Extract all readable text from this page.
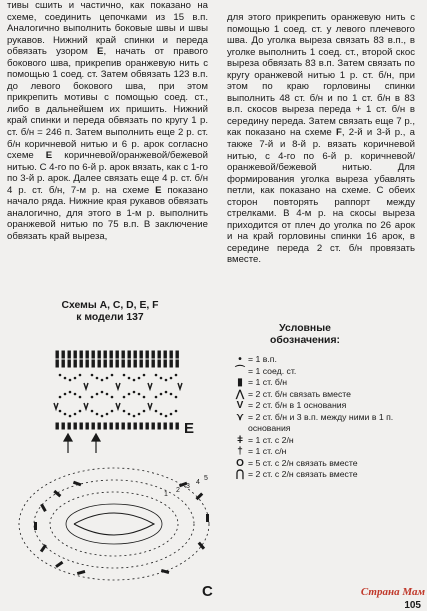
тивы сшить и частично, как показано на схеме, соединить цепочками из 15 в.п. Аналогично выполнить боковые швы и швы рукавов. Нижний край спинки и переда обвязать узором E, начать от правого бокового шва, прикрепив оранжевую нить с помощью 1 соед. ст. Затем обвязать 123 в.п. до левого бокового шва, при этом прикрепить мотивы с помощью соед. ст., либо в дальнейшем их пришить. Нижний край спинки и переда обвязать по кругу 1 р. ст. б/н = 246 п. Затем выполнить еще 2 р. ст. б/н коричневой нитью и 6 р. арок согласно схеме E коричневой/оранжевой/бежевой нитью. С 4-го по 6-й р. арок вязать, как с 1-го по 3-й р. арок. Далее связать еще 4 р. ст. б/н 4 р. ст. б/н, 7-м р. на схеме E показано начало ряда. Нижние края рукавов обвязать аналогично, для этого в 1-м р. выполнить оранжевой нитью по 75 в.п. В заключение обвязать край выреза,

для этого прикрепить оранжевую нить с помощью 1 соед. ст. у левого плечевого шва. До уголка выреза связать 83 в.п., в уголке выполнить 1 соед. ст., второй скос выреза обвязать 83 в.п. Затем связать по кругу оранжевой нитью 1 р. ст. б/н, при этом по краю горловины спинки выполнить 48 ст. б/н и по 1 ст. б/н в 83 в.п. скосов выреза переда + 1 ст. б/н в середину переда. Затем связать еще 7 р., как показано на схеме F, 2-й и 3-й р., а также 7-й и 8-й р. вязать коричневой нитью, с 4-го по 6-й р. коричневой/оранжевой/бежевой нитью. Для формирования уголка выреза убавлять петли, как показано на схеме. С обеих сторон повторять раппорт между стрелками. В 4-м р. на скосы выреза приходится от плеч до уголка по 26 арок и на край горловины спинки 16 арок, в середине переда 2 ст. б/н провязать вместе.

Схемы A, C, D, E, F
к модели 137
Условные
обозначения:
• = 1 в.п.
⌒ = 1 соед. ст.
▮ = 1 ст. б/н
⋀ = 2 ст. б/н связать вместе
V = 2 ст. б/н в 1 основания
⋎ = 2 ст. б/н и 3 в.п. между ними в 1 п. основания
ǂ = 1 ст. с 2/н
† = 1 ст. с/н
O = 5 ст. с 2/н связать вместе
⋂ = 2 ст. с 2/н связать вместе
E
1
2
3
4
5
C	Страна Мам
105
